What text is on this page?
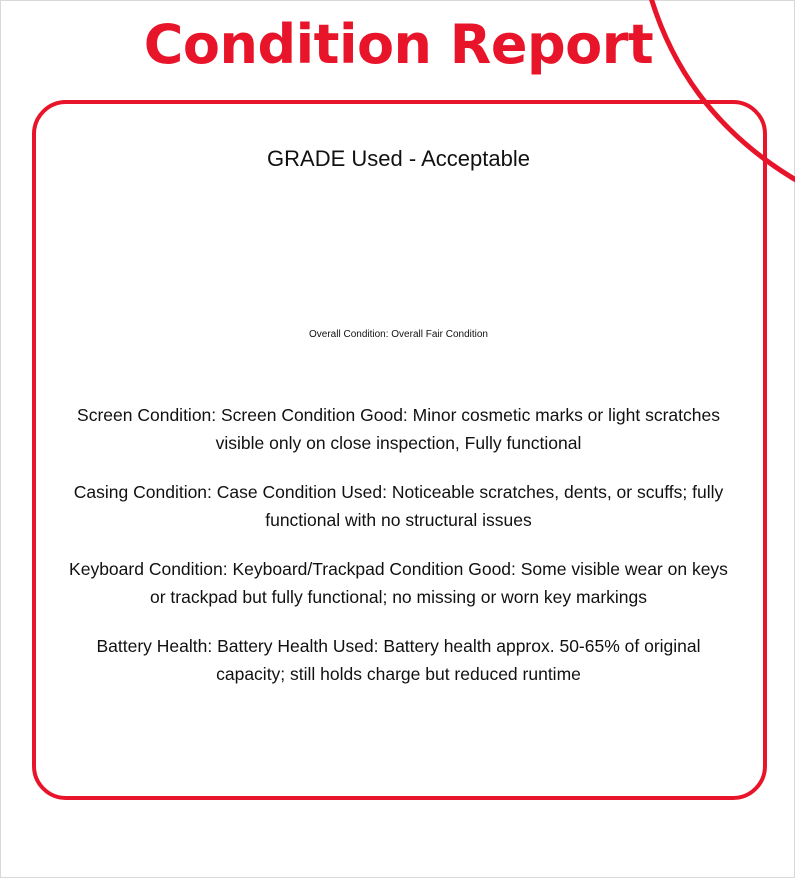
Condition Report
GRADE Used - Acceptable
Overall Condition: Overall Fair Condition
Screen Condition: Screen Condition Good: Minor cosmetic marks or light scratches visible only on close inspection, Fully functional
Casing Condition: Case Condition Used: Noticeable scratches, dents, or scuffs; fully functional with no structural issues
Keyboard Condition: Keyboard/Trackpad Condition Good: Some visible wear on keys or trackpad but fully functional; no missing or worn key markings
Battery Health: Battery Health Used: Battery health approx. 50-65% of original capacity; still holds charge but reduced runtime
